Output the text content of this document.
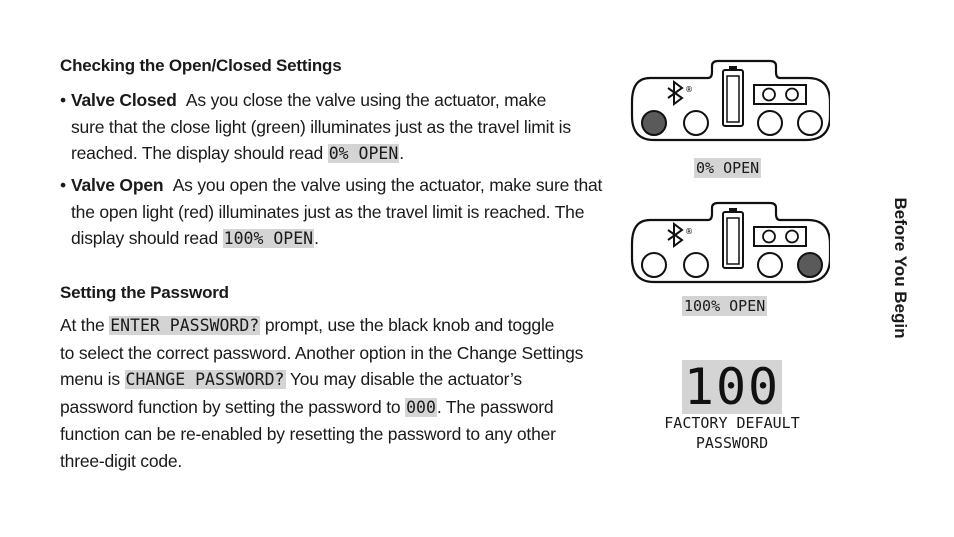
Checking the Open/Closed Settings
• Valve Closed As you close the valve using the actuator, make
sure that the close light (green) illuminates just as the travel limit is
reached. The display should read 0% OPEN.
• Valve Open As you open the valve using the actuator, make sure that
the open light (red) illuminates just as the travel limit is reached. The
display should read 100% OPEN.
Setting the Password
At the ENTER PASSWORD? prompt, use the black knob and toggle
to select the correct password. Another option in the Change Settings
menu is CHANGE PASSWORD? You may disable the actuator’s
password function by setting the password to 000. The password
function can be re-enabled by resetting the password to any other
three-digit code.
®
0% OPEN
®
100% OPEN
100
FACTORY DEFAULT
PASSWORD
Before You Begin
